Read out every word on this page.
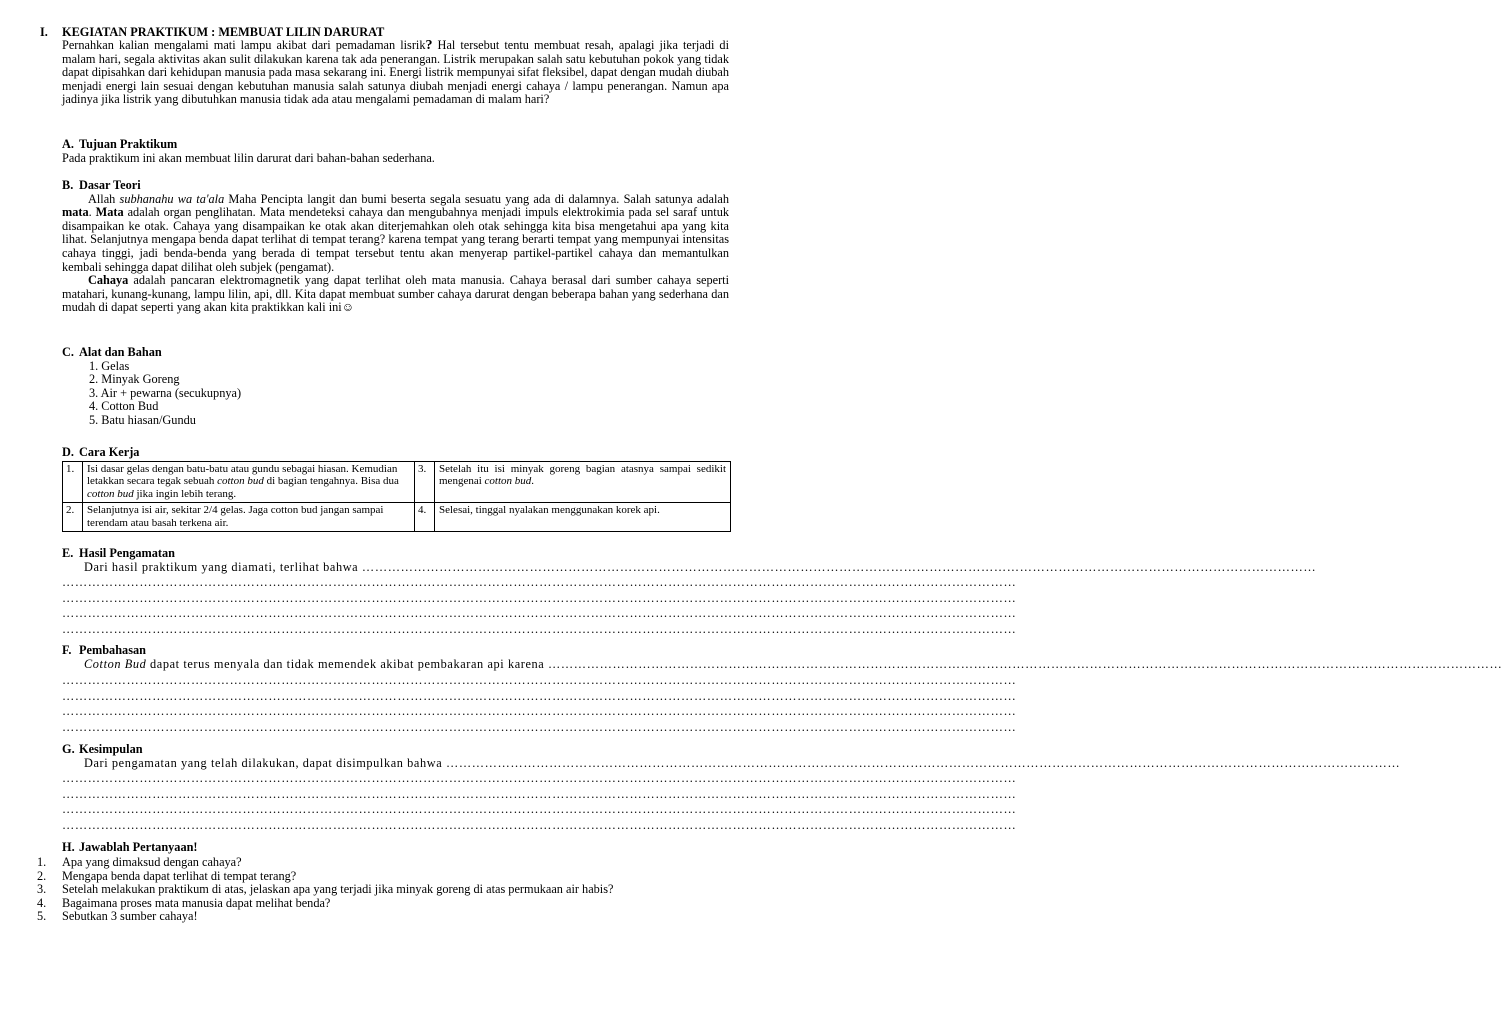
I. KEGIATAN PRAKTIKUM : MEMBUAT LILIN DARURAT
Pernahkan kalian mengalami mati lampu akibat dari pemadaman lisrik? Hal tersebut tentu membuat resah, apalagi jika terjadi di malam hari, segala aktivitas akan sulit dilakukan karena tak ada penerangan. Listrik merupakan salah satu kebutuhan pokok yang tidak dapat dipisahkan dari kehidupan manusia pada masa sekarang ini. Energi listrik mempunyai sifat fleksibel, dapat dengan mudah diubah menjadi energi lain sesuai dengan kebutuhan manusia salah satunya diubah menjadi energi cahaya / lampu penerangan. Namun apa jadinya jika listrik yang dibutuhkan manusia tidak ada atau mengalami pemadaman di malam hari?
A. Tujuan Praktikum
Pada praktikum ini akan membuat lilin darurat dari bahan-bahan sederhana.
B. Dasar Teori
Allah subhanahu wa ta'ala Maha Pencipta langit dan bumi beserta segala sesuatu yang ada di dalamnya. Salah satunya adalah mata. Mata adalah organ penglihatan. Mata mendeteksi cahaya dan mengubahnya menjadi impuls elektrokimia pada sel saraf untuk disampaikan ke otak. Cahaya yang disampaikan ke otak akan diterjemahkan oleh otak sehingga kita bisa mengetahui apa yang kita lihat. Selanjutnya mengapa benda dapat terlihat di tempat terang? karena tempat yang terang berarti tempat yang mempunyai intensitas cahaya tinggi, jadi benda-benda yang berada di tempat tersebut tentu akan menyerap partikel-partikel cahaya dan memantulkan kembali sehingga dapat dilihat oleh subjek (pengamat).
Cahaya adalah pancaran elektromagnetik yang dapat terlihat oleh mata manusia. Cahaya berasal dari sumber cahaya seperti matahari, kunang-kunang, lampu lilin, api, dll. Kita dapat membuat sumber cahaya darurat dengan beberapa bahan yang sederhana dan mudah di dapat seperti yang akan kita praktikkan kali ini☺
C. Alat dan Bahan
1. Gelas
2. Minyak Goreng
3. Air + pewarna (secukupnya)
4. Cotton Bud
5. Batu hiasan/Gundu
D. Cara Kerja
1.	Isi dasar gelas dengan batu-batu atau gundu sebagai hiasan. Kemudian letakkan secara tegak sebuah cotton bud di bagian tengahnya. Bisa dua cotton bud jika ingin lebih terang.	3.	Setelah itu isi minyak goreng bagian atasnya sampai sedikit mengenai cotton bud.
2.	Selanjutnya isi air, sekitar 2/4 gelas. Jaga cotton bud jangan sampai terendam atau basah terkena air.	4.	Selesai, tinggal nyalakan menggunakan korek api.
E. Hasil Pengamatan
Dari hasil praktikum yang diamati, terlihat bahwa ……………………………………………………………………………………………………………………………………………………………………………………………………
……………………………………………………………………………………………………………………………………………………………………………………………………
……………………………………………………………………………………………………………………………………………………………………………………………………
……………………………………………………………………………………………………………………………………………………………………………………………………
……………………………………………………………………………………………………………………………………………………………………………………………………
F. Pembahasan
Cotton Bud dapat terus menyala dan tidak memendek akibat pembakaran api karena ……………………………………………………………………………………………………………………………………………………………………………………………………
……………………………………………………………………………………………………………………………………………………………………………………………………
……………………………………………………………………………………………………………………………………………………………………………………………………
……………………………………………………………………………………………………………………………………………………………………………………………………
……………………………………………………………………………………………………………………………………………………………………………………………………
G. Kesimpulan
Dari pengamatan yang telah dilakukan, dapat disimpulkan bahwa ……………………………………………………………………………………………………………………………………………………………………………………………………
……………………………………………………………………………………………………………………………………………………………………………………………………
……………………………………………………………………………………………………………………………………………………………………………………………………
……………………………………………………………………………………………………………………………………………………………………………………………………
……………………………………………………………………………………………………………………………………………………………………………………………………
H. Jawablah Pertanyaan!
1. Apa yang dimaksud dengan cahaya?
2. Mengapa benda dapat terlihat di tempat terang?
3. Setelah melakukan praktikum di atas, jelaskan apa yang terjadi jika minyak goreng di atas permukaan air habis?
4. Bagaimana proses mata manusia dapat melihat benda?
5. Sebutkan 3 sumber cahaya!
